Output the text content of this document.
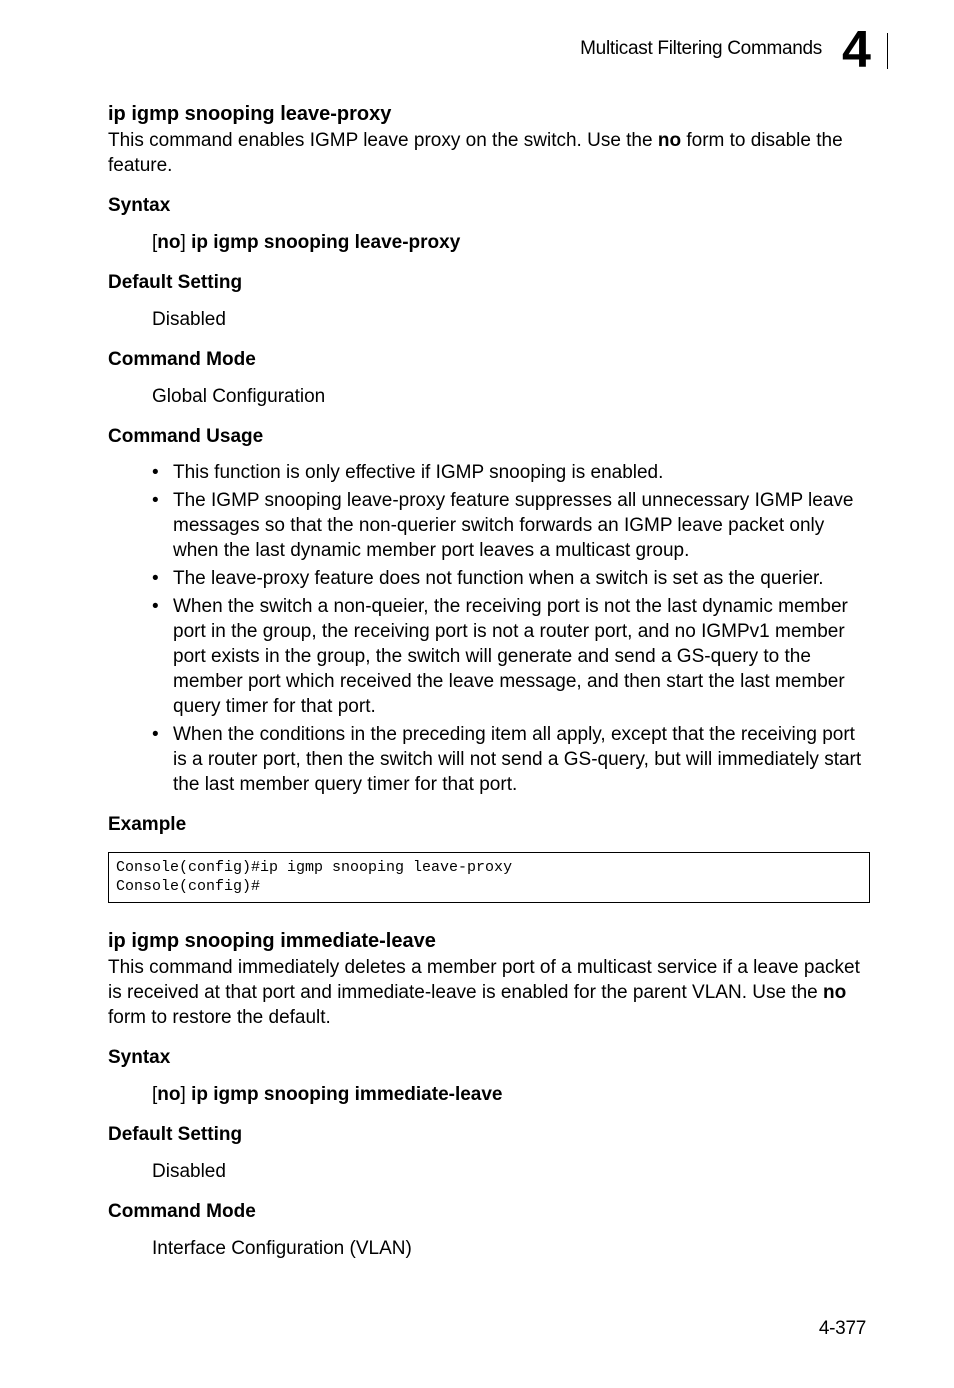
Multicast Filtering Commands 4
ip igmp snooping leave-proxy

This command enables IGMP leave proxy on the switch. Use the no form to disable the feature.

Syntax

[no] ip igmp snooping leave-proxy

Default Setting

Disabled

Command Mode

Global Configuration

Command Usage
• This function is only effective if IGMP snooping is enabled.
• The IGMP snooping leave-proxy feature suppresses all unnecessary IGMP leave messages so that the non-querier switch forwards an IGMP leave packet only when the last dynamic member port leaves a multicast group.
• The leave-proxy feature does not function when a switch is set as the querier.
• When the switch a non-queier, the receiving port is not the last dynamic member port in the group, the receiving port is not a router port, and no IGMPv1 member port exists in the group, the switch will generate and send a GS-query to the member port which received the leave message, and then start the last member query timer for that port.
• When the conditions in the preceding item all apply, except that the receiving port is a router port, then the switch will not send a GS-query, but will immediately start the last member query timer for that port.
Example
Console(config)#ip igmp snooping leave-proxy
Console(config)#
ip igmp snooping immediate-leave

This command immediately deletes a member port of a multicast service if a leave packet is received at that port and immediate-leave is enabled for the parent VLAN. Use the no form to restore the default.

Syntax

[no] ip igmp snooping immediate-leave

Default Setting

Disabled

Command Mode

Interface Configuration (VLAN)

4-377
